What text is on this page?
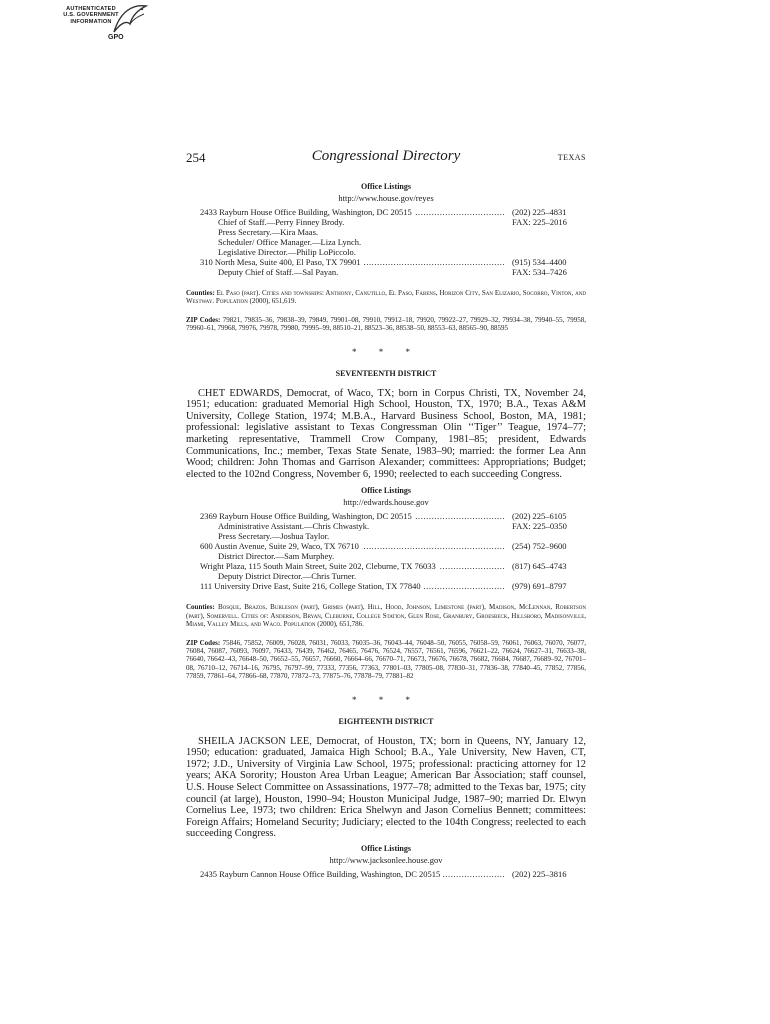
AUTHENTICATED
U.S. GOVERNMENT
INFORMATION
GPO
254	Congressional Directory	TEXAS
Office Listings
http://www.house.gov/reyes
2433 Rayburn House Office Building, Washington, DC 20515 .....	(202) 225–4831
Chief of Staff.—Perry Finney Brody.	FAX: 225–2016
Press Secretary.—Kira Maas.
Scheduler/ Office Manager.—Liza Lynch.
Legislative Director.—Philip LoPiccolo.
310 North Mesa, Suite 400, El Paso, TX 79901 .....	(915) 534–4400
Deputy Chief of Staff.—Sal Payan.	FAX: 534–7426
Counties: El Paso (part). Cities and townships: Anthony, Canutillo, El Paso, Fabens, Horizon City, San Elizario, Socorro, Vinton, and Westway. Population (2000), 651,619.
ZIP Codes: 79821, 79835–36, 79838–39, 79849, 79901–08, 79910, 79912–18, 79920, 79922–27, 79929–32, 79934–38, 79940–55, 79958, 79960–61, 79968, 79976, 79978, 79980, 79995–99, 88510–21, 88523–36, 88538–50, 88553–63, 88565–90, 88595
* * *
SEVENTEENTH DISTRICT
CHET EDWARDS, Democrat, of Waco, TX; born in Corpus Christi, TX, November 24, 1951; education: graduated Memorial High School, Houston, TX, 1970; B.A., Texas A&M University, College Station, 1974; M.B.A., Harvard Business School, Boston, MA, 1981; professional: legislative assistant to Texas Congressman Olin ‘‘Tiger’’ Teague, 1974–77; marketing representative, Trammell Crow Company, 1981–85; president, Edwards Communications, Inc.; member, Texas State Senate, 1983–90; married: the former Lea Ann Wood; children: John Thomas and Garrison Alexander; committees: Appropriations; Budget; elected to the 102nd Congress, November 6, 1990; reelected to each succeeding Congress.
Office Listings
http://edwards.house.gov
2369 Rayburn House Office Building, Washington, DC 20515 .....	(202) 225–6105
Administrative Assistant.—Chris Chwastyk.	FAX: 225–0350
Press Secretary.—Joshua Taylor.
600 Austin Avenue, Suite 29, Waco, TX 76710 .....	(254) 752–9600
District Director.—Sam Murphey.
Wright Plaza, 115 South Main Street, Suite 202, Cleburne, TX 76033 .....	(817) 645–4743
Deputy District Director.—Chris Turner.
111 University Drive East, Suite 216, College Station, TX 77840 .....	(979) 691–8797
Counties: Bosque, Brazos, Burleson (part), Grimes (part), Hill, Hood, Johnson, Limestone (part), Madison, McLennan, Robertson (part), Somervell. Cities of: Anderson, Bryan, Cleburne, College Station, Glen Rose, Granbury, Groesbeck, Hillsboro, Madisonville, Miami, Valley Mills, and Waco. Population (2000), 651,786.
ZIP Codes: 75846, 75852, 76009, 76028, 76031, 76033, 76035–36, 76043–44, 76048–50, 76055, 76058–59, 76061, 76063, 76070, 76077, 76084, 76087, 76093, 76097, 76433, 76439, 76462, 76465, 76476, 76524, 76557, 76561, 76596, 76621–22, 76624, 76627–31, 76633–38, 76640, 76642–43, 76648–50, 76652–55, 76657, 76660, 76664–66, 76670–71, 76673, 76676, 76678, 76682, 76684, 76687, 76689–92, 76701–08, 76710–12, 76714–16, 76795, 76797–99, 77333, 77356, 77363, 77801–03, 77805–08, 77830–31, 77836–38, 77840–45, 77852, 77856, 77859, 77861–64, 77866–68, 77870, 77872–73, 77875–76, 77878–79, 77881–82
* * *
EIGHTEENTH DISTRICT
SHEILA JACKSON LEE, Democrat, of Houston, TX; born in Queens, NY, January 12, 1950; education: graduated, Jamaica High School; B.A., Yale University, New Haven, CT, 1972; J.D., University of Virginia Law School, 1975; professional: practicing attorney for 12 years; AKA Sorority; Houston Area Urban League; American Bar Association; staff counsel, U.S. House Select Committee on Assassinations, 1977–78; admitted to the Texas bar, 1975; city council (at large), Houston, 1990–94; Houston Municipal Judge, 1987–90; married Dr. Elwyn Cornelius Lee, 1973; two children: Erica Shelwyn and Jason Cornelius Bennett; committees: Foreign Affairs; Homeland Security; Judiciary; elected to the 104th Congress; reelected to each succeeding Congress.
Office Listings
http://www.jacksonlee.house.gov
2435 Rayburn Cannon House Office Building, Washington, DC 20515 .....	(202) 225–3816
